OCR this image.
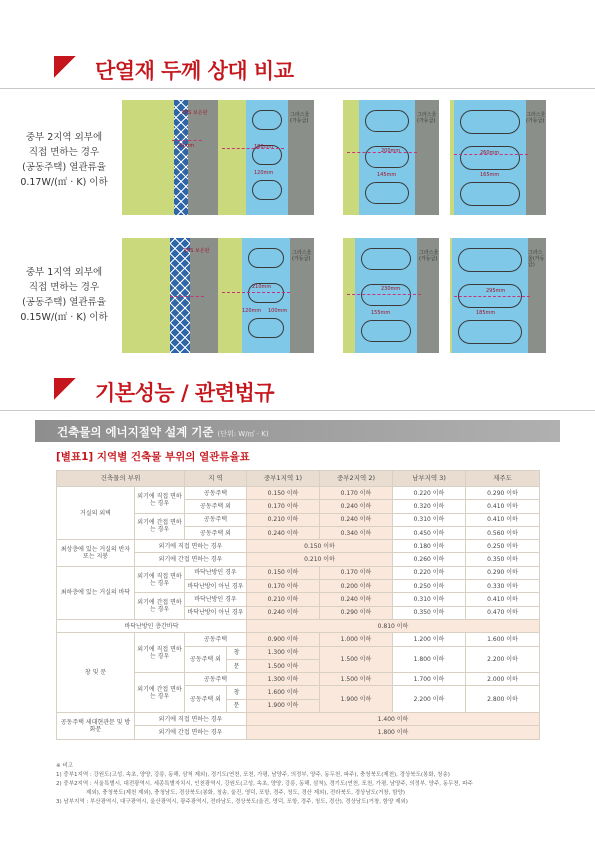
단열재 두께 상대 비교
중부 2지역 외부에
직접 면하는 경우
(공동주택) 열관류율
0.17W/(㎡ · K) 이하
EPS 보온판
30mm
그라스울(가등급)
180mm
120mm
그라스울(가등급)
200mm
145mm
그라스울(가등급)
260mm
165mm
중부 1지역 외부에
직접 면하는 경우
(공동주택) 열관류율
0.15W/(㎡ · K) 이하
EPS 보온판	그라스울(가등급)
210mm
120mm 100mm
그라스울(가등급)
230mm
155mm
그라스울(가등급)
295mm
185mm
기본성능 / 관련법규
건축물의 에너지절약 설계 기준 (단위: W/㎡ · K)
[별표1] 지역별 건축물 부위의 열관류율표
건축물의 부위		지 역		중부1지역 1)	중부2지역 2)	남부지역 3)	제주도
거실의 외벽	외기에 직접 면하는 경우	공동주택		0.150 이하	0.170 이하	0.220 이하	0.290 이하
		공동주택 외		0.170 이하	0.240 이하	0.320 이하	0.410 이하
	외기에 간접 면하는 경우	공동주택		0.210 이하	0.240 이하	0.310 이하	0.410 이하
		공동주택 외		0.240 이하	0.340 이하	0.450 이하	0.560 이하
최상층에 있는 거실의 반자 또는 지붕	외기에 직접 면하는 경우			0.150 이하		0.180 이하	0.250 이하
	외기에 간접 면하는 경우			0.210 이하		0.260 이하	0.350 이하
최하층에 있는 거실의 바닥	외기에 직접 면하는 경우	바닥난방인 경우		0.150 이하	0.170 이하	0.220 이하	0.290 이하
		바닥난방이 아닌 경우		0.170 이하	0.200 이하	0.250 이하	0.330 이하
	외기에 간접 면하는 경우	바닥난방인 경우		0.210 이하	0.240 이하	0.310 이하	0.410 이하
		바닥난방이 아닌 경우		0.240 이하	0.290 이하	0.350 이하	0.470 이하
바닥난방인 층간바닥				0.810 이하			
창 및 문	외기에 직접 면하는 경우	공동주택		0.900 이하	1.000 이하	1.200 이하	1.600 이하
		공동주택 외	창	1.300 이하	1.500 이하	1.800 이하	2.200 이하
			문	1.500 이하			
	외기에 간접 면하는 경우	공동주택		1.300 이하	1.500 이하	1.700 이하	2.000 이하
		공동주택 외	창	1.600 이하	1.900 이하	2.200 이하	2.800 이하
			문	1.900 이하			
공동주택 세대현관문 및 방화문	외기에 직접 면하는 경우			1.400 이하			
	외기에 간접 면하는 경우			1.800 이하			
※ 비고
1) 중부1지역 : 강원도(고성, 속초, 양양, 강릉, 동해, 삼척 제외), 경기도(연천, 포천, 가평, 남양주, 의정부, 양주, 동두천, 파주), 충청북도(제천), 경상북도(봉화, 청송)
2) 중부2지역 : 서울특별시, 대전광역시, 세종특별자치시, 인천광역시, 강원도(고성, 속초, 양양, 강릉, 동해, 삼척), 경기도(연천, 포천, 가평, 남양주, 의정부, 양주, 동두천, 파주
제외), 충청북도(제천 제외), 충청남도, 경상북도(봉화, 청송, 울진, 영덕, 포항, 경주, 청도, 경산 제외), 전라북도, 경상남도(거창, 함양)
3) 남부지역 : 부산광역시, 대구광역시, 울산광역시, 광주광역시, 전라남도, 경상북도(울진, 영덕, 포항, 경주, 청도, 경산), 경상남도(거창, 함양 제외)
